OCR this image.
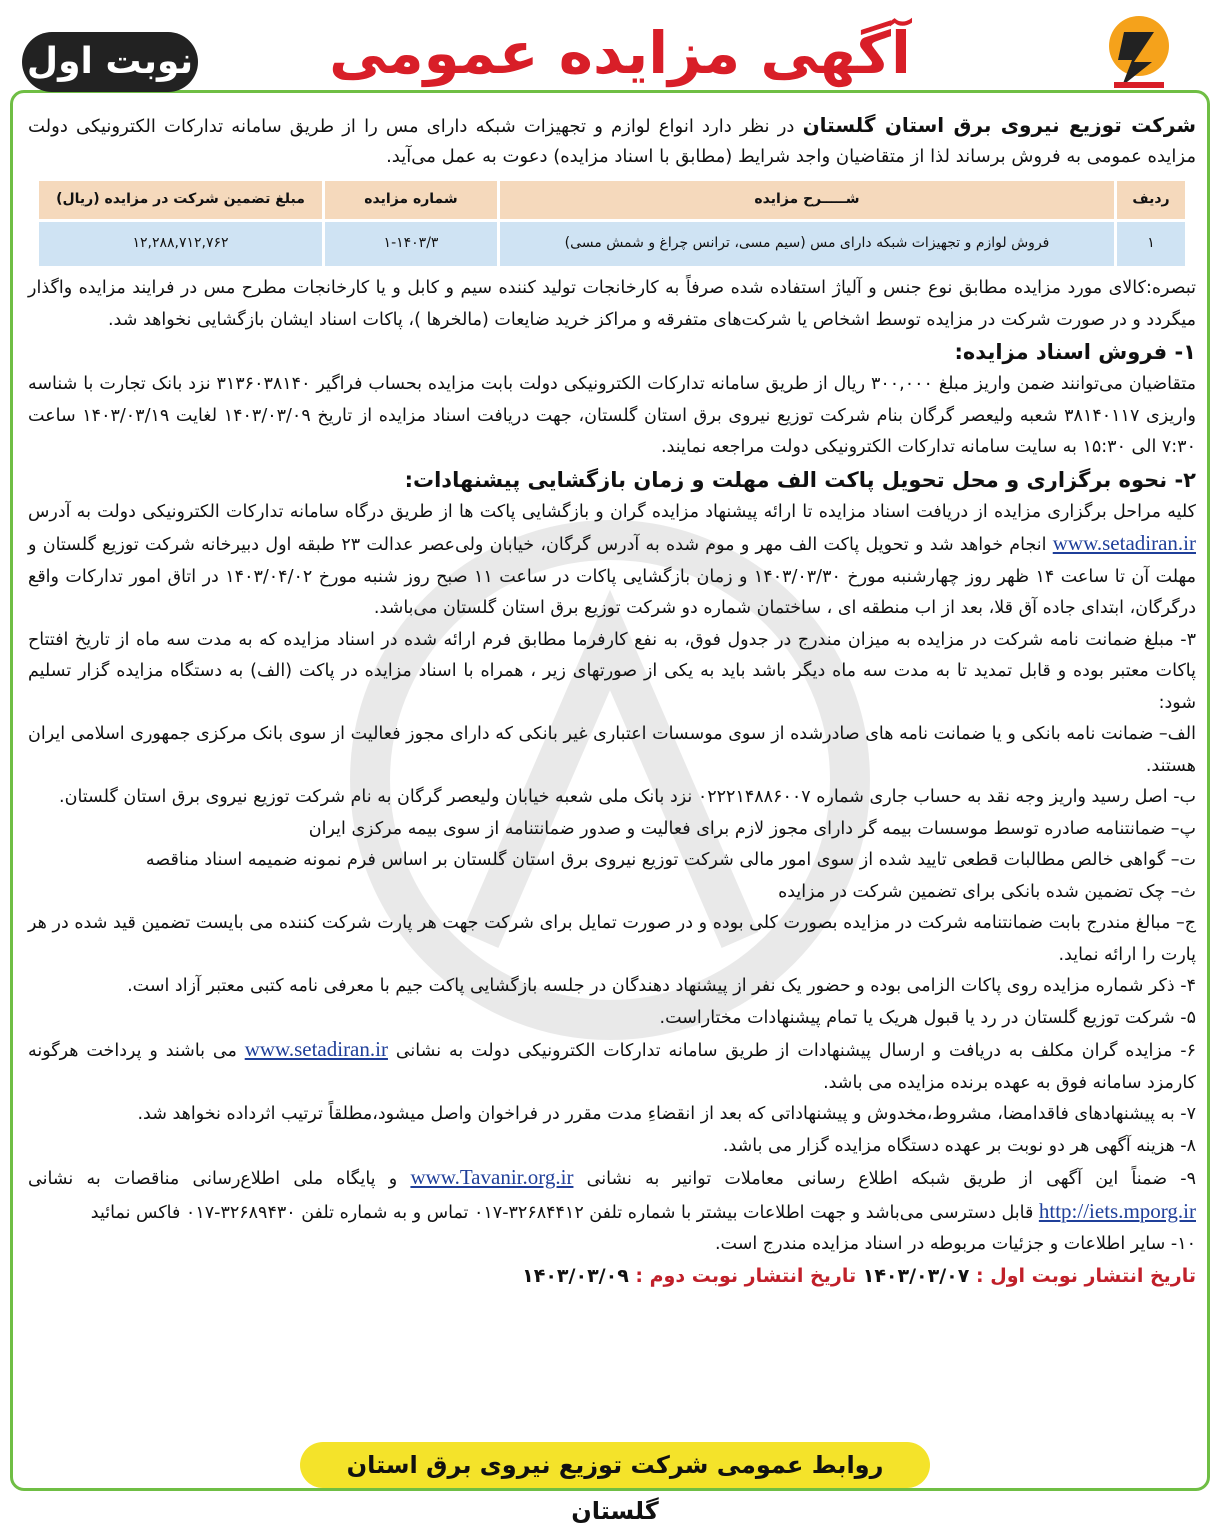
نوبت اول	آگهی مزایده عمومی

شرکت توزیع نیروی برق استان گلستان در نظر دارد انواع لوازم و تجهیزات شبکه دارای مس را از طریق سامانه تدارکات الکترونیکی دولت مزایده عمومی به فروش برساند لذا از متقاضیان واجد شرایط (مطابق با اسناد مزایده) دعوت به عمل می‌آید.

ردیف	شـــــرح مزایده	شماره مزایده	مبلغ تضمین شرکت در مزایده (ریال)
۱	فروش لوازم و تجهیزات شبکه دارای مس (سیم مسی، ترانس چراغ و شمش مسی)	۱-۱۴۰۳/۳	۱۲,۲۸۸,۷۱۲,۷۶۲

تبصره:کالای مورد مزایده مطابق نوع جنس و آلیاژ استفاده شده صرفاً به کارخانجات تولید کننده سیم و کابل و یا کارخانجات مطرح مس در فرایند مزایده واگذار میگردد و در صورت شرکت در مزایده توسط اشخاص یا شرکت‌های متفرقه و مراکز خرید ضایعات (مالخرها )، پاکات اسناد ایشان بازگشایی نخواهد شد.

۱- فروش اسناد مزایده:

متقاضیان می‌توانند ضمن واریز مبلغ ۳۰۰,۰۰۰ ریال از طریق سامانه تدارکات الکترونیکی دولت بابت مزایده بحساب فراگیر ۳۱۳۶۰۳۸۱۴۰ نزد بانک تجارت با شناسه واریزی ۳۸۱۴۰۱۱۷ شعبه ولیعصر گرگان بنام شرکت توزیع نیروی برق استان گلستان، جهت دریافت اسناد مزایده از تاریخ ۱۴۰۳/۰۳/۰۹ لغایت ۱۴۰۳/۰۳/۱۹ ساعت ۷:۳۰ الی ۱۵:۳۰ به سایت سامانه تدارکات الکترونیکی دولت مراجعه نمایند.

۲- نحوه برگزاری و محل تحویل پاکت الف مهلت و زمان بازگشایی پیشنهادات:

کلیه مراحل برگزاری مزایده از دریافت اسناد مزایده تا ارائه پیشنهاد مزایده گران و بازگشایی پاکت ها از طریق درگاه سامانه تدارکات الکترونیکی دولت به آدرس www.setadiran.ir انجام خواهد شد و تحویل پاکت الف مهر و موم شده به آدرس گرگان، خیابان ولی‌عصر عدالت ۲۳ طبقه اول دبیرخانه شرکت توزیع گلستان و مهلت آن تا ساعت ۱۴ ظهر روز چهارشنبه مورخ ۱۴۰۳/۰۳/۳۰ و زمان بازگشایی پاکات در ساعت ۱۱ صبح روز شنبه مورخ ۱۴۰۳/۰۴/۰۲ در اتاق امور تدارکات واقع درگرگان، ابتدای جاده آق قلا، بعد از اب منطقه ای ، ساختمان شماره دو شرکت توزیع برق استان گلستان می‌باشد.

۳- مبلغ ضمانت نامه شرکت در مزایده به میزان مندرج در جدول فوق، به نفع کارفرما مطابق فرم ارائه شده در اسناد مزایده که به مدت سه ماه از تاریخ افتتاح پاکات معتبر بوده و قابل تمدید تا به مدت سه ماه دیگر باشد باید به یکی از صورتهای زیر ، همراه با اسناد مزایده در پاکت (الف) به دستگاه مزایده گزار تسلیم شود:

الف– ضمانت نامه بانکی و یا ضمانت نامه های صادرشده از سوی موسسات اعتباری غیر بانکی که دارای مجوز فعالیت از سوی بانک مرکزی جمهوری اسلامی ایران هستند.

ب- اصل رسید واریز وجه نقد به حساب جاری شماره ۰۲۲۲۱۴۸۸۶۰۰۷ نزد بانک ملی شعبه خیابان ولیعصر گرگان به نام شرکت توزیع نیروی برق استان گلستان.

پ– ضمانتنامه صادره توسط موسسات بیمه گر دارای مجوز لازم برای فعالیت و صدور ضمانتنامه از سوی بیمه مرکزی ایران

ت– گواهی خالص مطالبات قطعی تایید شده از سوی امور مالی شرکت توزیع نیروی برق استان گلستان بر اساس فرم نمونه ضمیمه اسناد مناقصه

ث– چک تضمین شده بانکی برای تضمین شرکت در مزایده

ج– مبالغ مندرج بابت ضمانتنامه شرکت در مزایده بصورت کلی بوده و در صورت تمایل برای شرکت جهت هر پارت شرکت کننده می بایست تضمین قید شده در هر پارت را ارائه نماید.

۴- ذکر شماره مزایده روی پاکات الزامی بوده و حضور یک نفر از پیشنهاد دهندگان در جلسه بازگشایی پاکت جیم با معرفی نامه کتبی معتبر آزاد است.

۵- شرکت توزیع گلستان در رد یا قبول هریک یا تمام پیشنهادات مختاراست.

۶- مزایده گران مکلف به دریافت و ارسال پیشنهادات از طریق سامانه تدارکات الکترونیکی دولت به نشانی www.setadiran.ir می باشند و پرداخت هرگونه کارمزد سامانه فوق به عهده برنده مزایده می باشد.

۷- به پیشنهادهای فاقدامضا، مشروط،مخدوش و پیشنهاداتی که بعد از انقضاءِ مدت مقرر در فراخوان واصل میشود،مطلقاً ترتیب اثرداده نخواهد شد.

۸- هزینه آگهی هر دو نوبت بر عهده دستگاه مزایده گزار می باشد.

۹- ضمناً این آگهی از طریق شبکه اطلاع رسانی معاملات توانیر به نشانی www.Tavanir.org.ir و پایگاه ملی اطلاع‌رسانی مناقصات به نشانی http://iets.mporg.ir قابل دسترسی می‌باشد و جهت اطلاعات بیشتر با شماره تلفن ۳۲۶۸۴۴۱۲-۰۱۷ تماس و به شماره تلفن ۳۲۶۸۹۴۳۰-۰۱۷ فاکس نمائید

۱۰- سایر اطلاعات و جزئیات مربوطه در اسناد مزایده مندرج است.

تاریخ انتشار نوبت اول : ۱۴۰۳/۰۳/۰۷ تاریخ انتشار نوبت دوم : ۱۴۰۳/۰۳/۰۹

روابط عمومی شرکت توزیع نیروی برق استان گلستان
